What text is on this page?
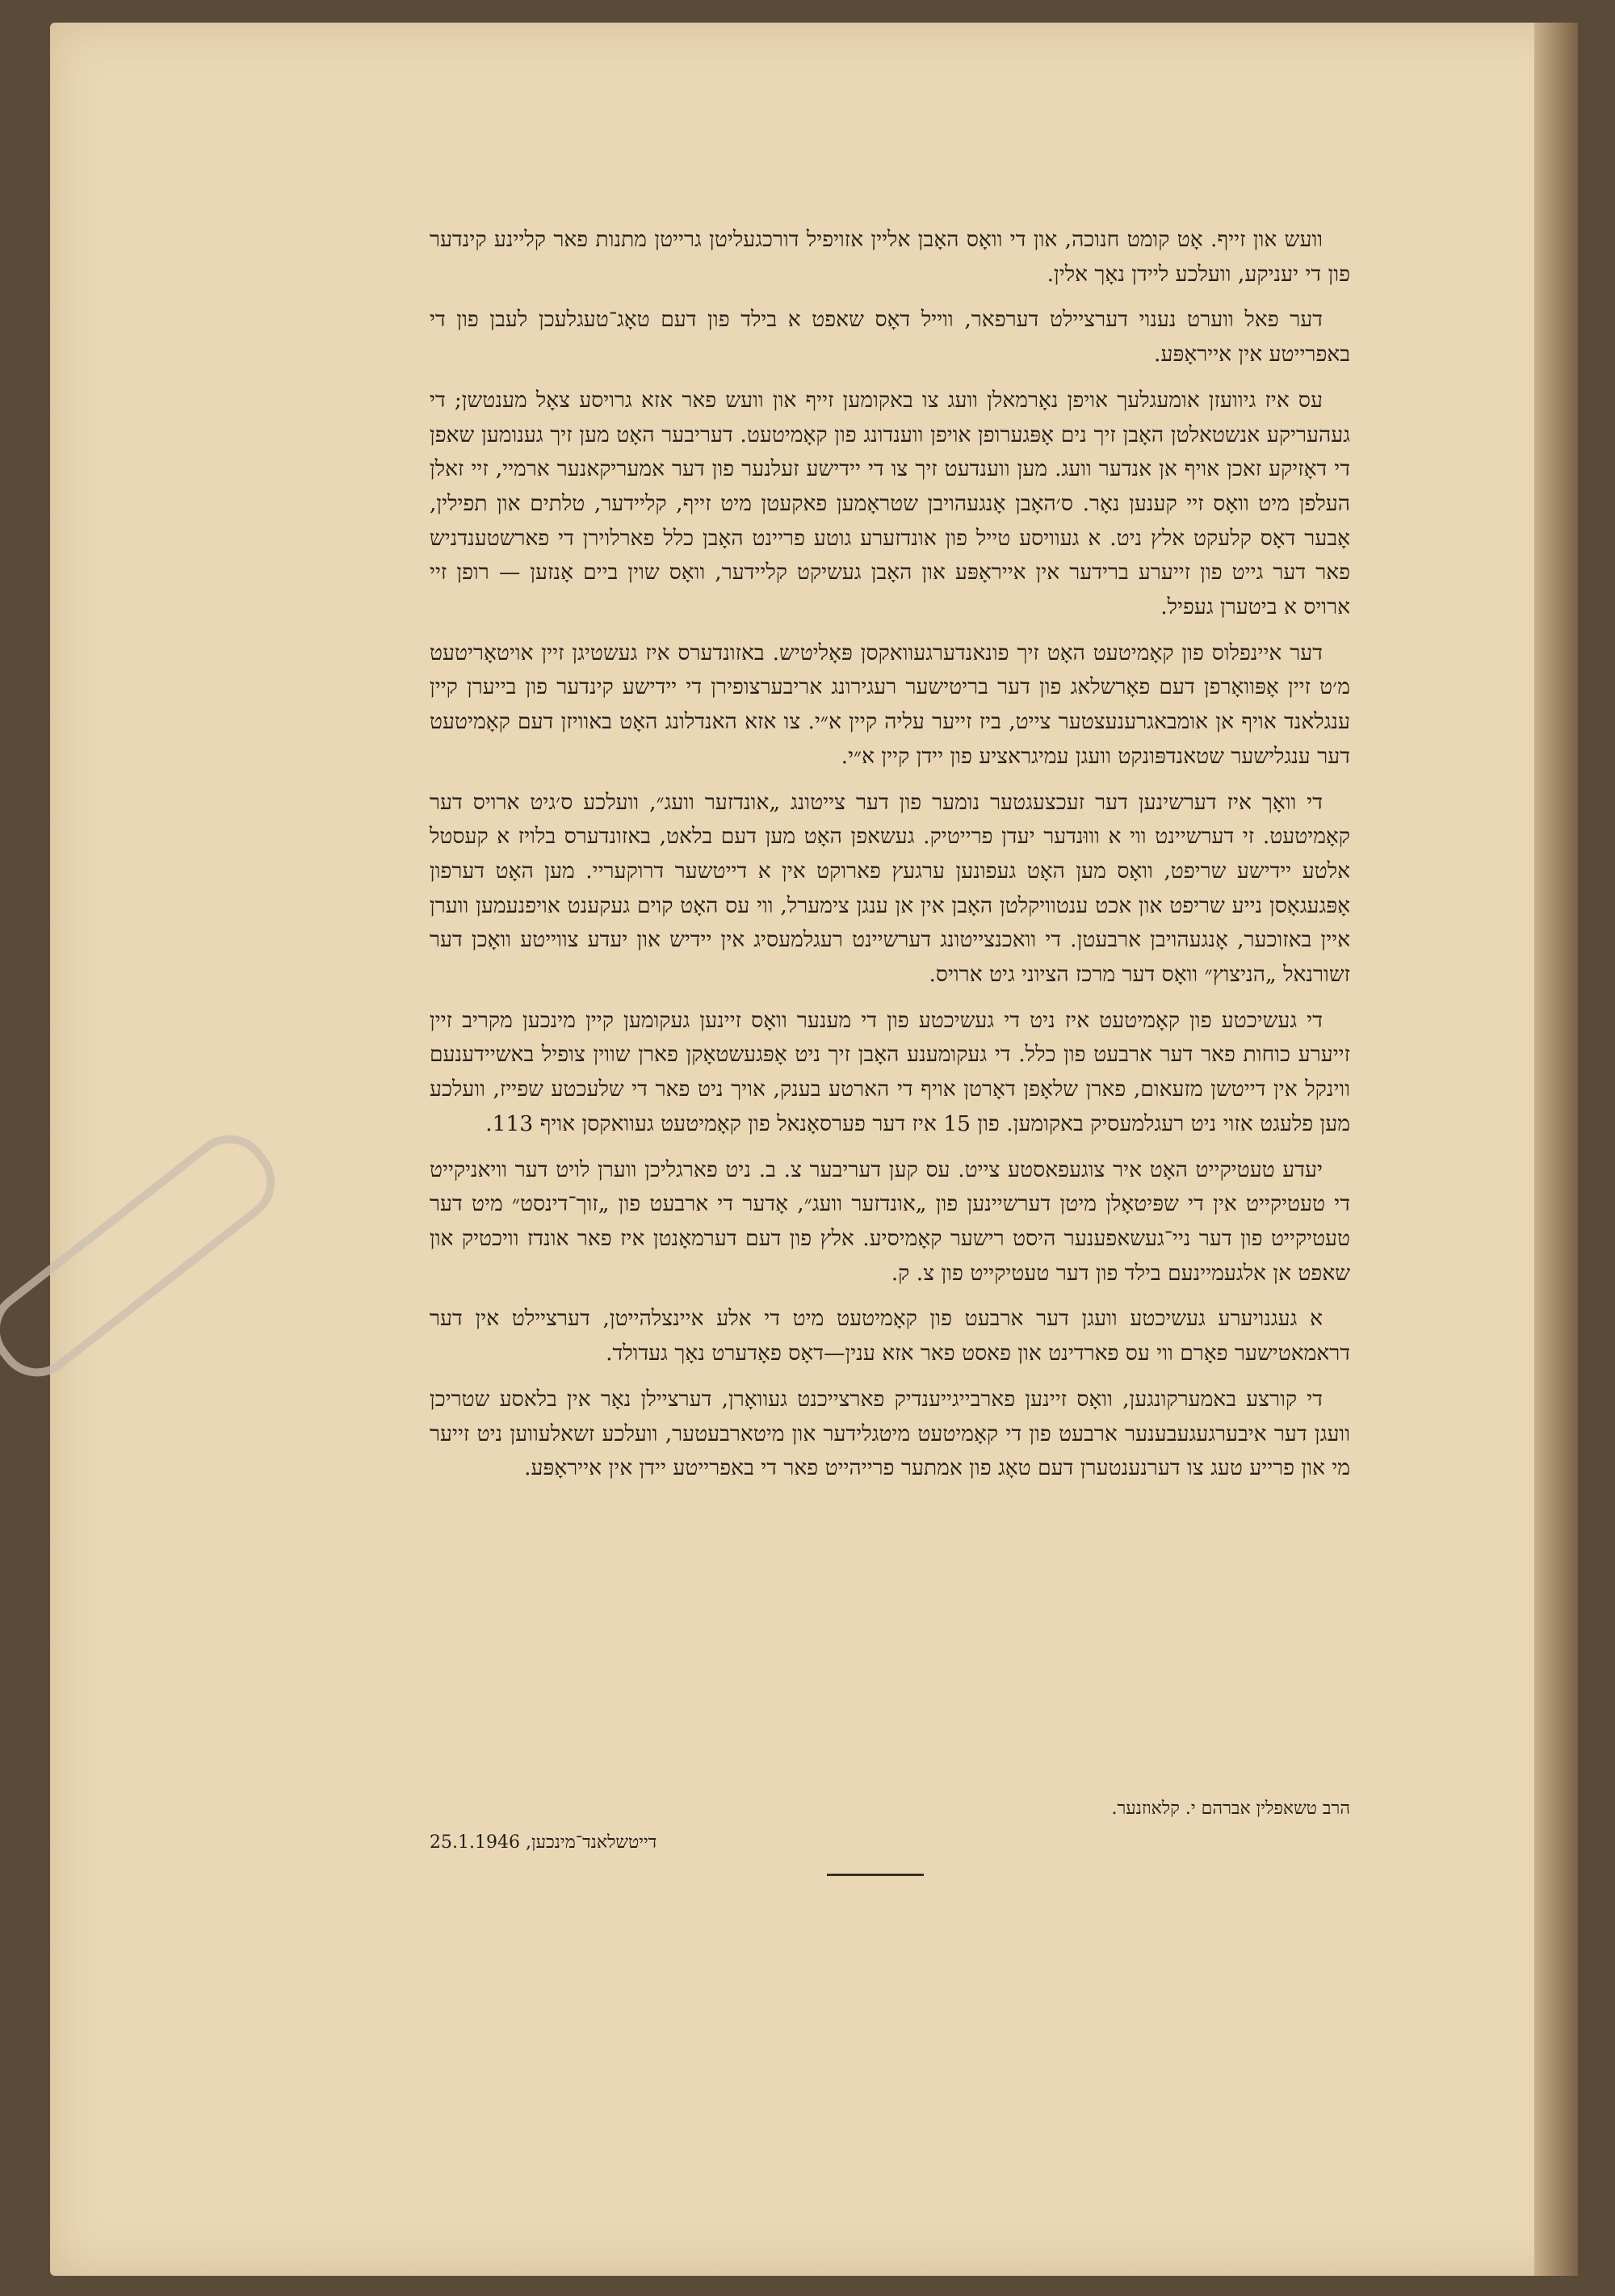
וועש און זייף. אָט קומט חנוכה, און די וואָס האָבן אליין אזויפיל דורכגעליטן גרייטן מתנות פאר קליינע קינדער פון די יעניקע, וועלכע ליידן נאָך אלין.

דער פאל ווערט נענוי דערציילט דערפאר, ווייל דאָס שאפט א בילד פון דעם טאָג־טעגלעכן לעבן פון די באפרייטע אין אייראָפּע.

עס איז גיוועזן אומעגלעך אויפן נאָרמאלן וועג צו באקומען זייף און וועש פאר אזא גרויסע צאָל מענטשן; די געהעריקע אנשטאלטן האָבן זיך נים אָפּגערופן אויפן ווענדונג פון קאָמיטעט. דעריבער האָט מען זיך גענומען שאפן די דאָזיקע זאכן אויף אן אנדער וועג. מען ווענדעט זיך צו די יידישע זעלנער פון דער אמעריקאנער ארמיי, זיי זאלן העלפן מיט וואָס זיי קענען נאָר. ס׳האָבן אָנגעהויבן שטראָמען פאקעטן מיט זייף, קליידער, טלתים און תפילין, אָבער דאָס קלעקט אלץ ניט. א געוויסע טייל פון אונדזערע גוטע פריינט האָבן כלל פארלוירן די פארשטענדניש פאר דער גייט פון זייערע ברידער אין אייראָפּע און האָבן געשיקט קליידער, וואָס שוין ביים אָנזען — רופן זיי ארויס א ביטערן געפיל.

דער איינפלוס פון קאָמיטעט האָט זיך פונאנדערגעוואקסן פּאָליטיש. באזונדערס איז געשטיגן זיין אויטאָריטעט מ׳ט זיין אָפּוואָרפן דעם פאָרשלאג פון דער בריטישער רעגירונג אריבערצופירן די יידישע קינדער פון בייערן קיין ענגלאנד אויף אן אומבאגרענעצטער צייט, ביז זייער עליה קיין א״י. צו אזא האנדלונג האָט באוויזן דעם קאָמיטעט דער ענגלישער שטאנדפּונקט וועגן עמיגראציע פון יידן קיין א״י.

די וואָך איז דערשינען דער זעכצעגטער נומער פון דער צייטונג „אונדזער וועג״, וועלכע ס׳גיט ארויס דער קאָמיטעט. זי דערשיינט ווי א וווּנדער יעדן פרייטיק. געשאפן האָט מען דעם בלאט, באזונדערס בלויז א קעסטל אלטע יידישע שריפט, וואָס מען האָט געפונען ערגעץ פארוקט אין א דייטשער דרוקעריי. מען האָט דערפון אָפּגעגאָסן נייע שריפט און אכט ענטוויקלטן האָבן אין אן ענגן צימערל, ווי עס האָט קוים געקענט אויפנעמען ווערן איין באזוכער, אָנגעהויבן ארבעטן. די וואכנצייטונג דערשיינט רעגלמעסיג אין יידיש און יעדע צווייטע וואָכן דער זשורנאל „הניצוץ״ וואָס דער מרכז הציוני גיט ארויס.

די געשיכטע פון קאָמיטעט איז ניט די געשיכטע פון די מענער וואָס זיינען געקומען קיין מינכען מקריב זיין זייערע כוחות פאר דער ארבעט פון כלל. די געקומענע האָבן זיך ניט אָפּגעשטאָקן פארן שווין צופיל באשיידענעם ווינקל אין דייטשן מזעאום, פארן שלאָפן דאָרטן אויף די הארטע בענק, אויך ניט פאר די שלעכטע שפייז, וועלכע מען פלעגט אזוי ניט רעגלמעסיק באקומען. פון 15 איז דער פערסאָנאל פון קאָמיטעט געוואקסן אויף 113.

יעדע טעטיקייט האָט איר צוגעפאסטע צייט. עס קען דעריבער צ. ב. ניט פארגליכן ווערן לויט דער וויאניקייט די טעטיקייט אין די שפּיטאָלן מיטן דערשיינען פון „אונדזער וועג״, אָדער די ארבעט פון „זוך־דינסט״ מיט דער טעטיקייט פון דער ניי־געשאפענער היסט רישער קאָמיסיע. אלץ פון דעם דערמאָנטן איז פאר אונדז וויכטיק און שאפט אן אלגעמיינעם בילד פון דער טעטיקייט פון צ. ק.

א געגנויערע געשיכטע וועגן דער ארבעט פון קאָמיטעט מיט די אלע איינצלהייטן, דערציילט אין דער דראמאטישער פאָרם ווי עס פארדינט און פאסט פאר אזא ענין—דאָס פאָדערט נאָך געדולד.

די קורצע באמערקונגען, וואָס זיינען פארבייגייענדיק פארצייכנט געוואָרן, דערציילן נאָר אין בלאסע שטריכן וועגן דער איבערגעגעבענער ארבעט פון די קאָמיטעט מיטגלידער און מיטארבעטער, וועלכע זשאלעווען ניט זייער מי און פרייע טעג צו דערנענטערן דעם טאָג פון אמתער פרייהייט פאר די באפרייטע יידן אין אייראָפּע.

הרב טשאפלין אברהם י. קלאוזנער.
דייטשלאנד־מינכען, 25.1.1946
